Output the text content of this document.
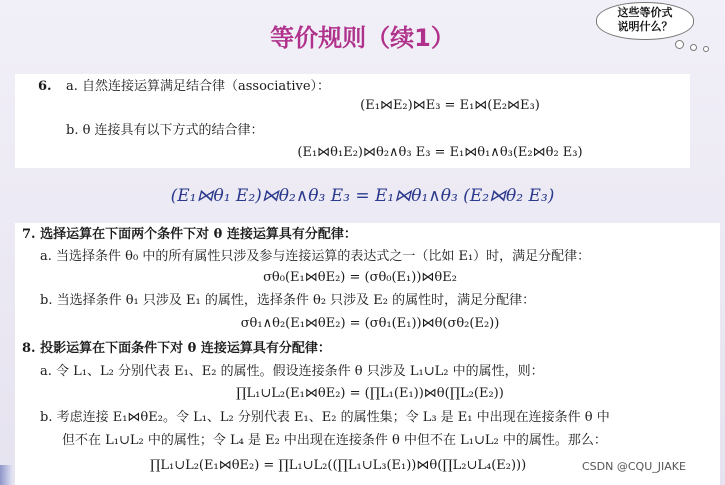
等价规则（续1）
这些等价式
说明什么？
6. a. 自然连接运算满足结合律（associative）：
(E₁⋈E₂)⋈E₃ = E₁⋈(E₂⋈E₃)
b. θ 连接具有以下方式的结合律：
(E₁⋈θ₁E₂)⋈θ₂∧θ₃ E₃ = E₁⋈θ₁∧θ₃(E₂⋈θ₂ E₃)
(E₁⋈θ₁ E₂)⋈θ₂∧θ₃ E₃ = E₁⋈θ₁∧θ₃ (E₂⋈θ₂ E₃)
7. 选择运算在下面两个条件下对 θ 连接运算具有分配律：
a. 当选择条件 θ₀ 中的所有属性只涉及参与连接运算的表达式之一（比如 E₁）时，满足分配律：
σθ₀(E₁⋈θE₂) = (σθ₀(E₁))⋈θE₂
b. 当选择条件 θ₁ 只涉及 E₁ 的属性，选择条件 θ₂ 只涉及 E₂ 的属性时，满足分配律：
σθ₁∧θ₂(E₁⋈θE₂) = (σθ₁(E₁))⋈θ(σθ₂(E₂))
8. 投影运算在下面条件下对 θ 连接运算具有分配律：
a. 令 L₁、L₂ 分别代表 E₁、E₂ 的属性。假设连接条件 θ 只涉及 L₁∪L₂ 中的属性，则：
∏L₁∪L₂(E₁⋈θE₂) = (∏L₁(E₁))⋈θ(∏L₂(E₂))
b. 考虑连接 E₁⋈θE₂。令 L₁、L₂ 分别代表 E₁、E₂ 的属性集；令 L₃ 是 E₁ 中出现在连接条件 θ 中
但不在 L₁∪L₂ 中的属性；令 L₄ 是 E₂ 中出现在连接条件 θ 中但不在 L₁∪L₂ 中的属性。那么：
∏L₁∪L₂(E₁⋈θE₂) = ∏L₁∪L₂((∏L₁∪L₃(E₁))⋈θ(∏L₂∪L₄(E₂)))	CSDN @CQU_JIAKE
